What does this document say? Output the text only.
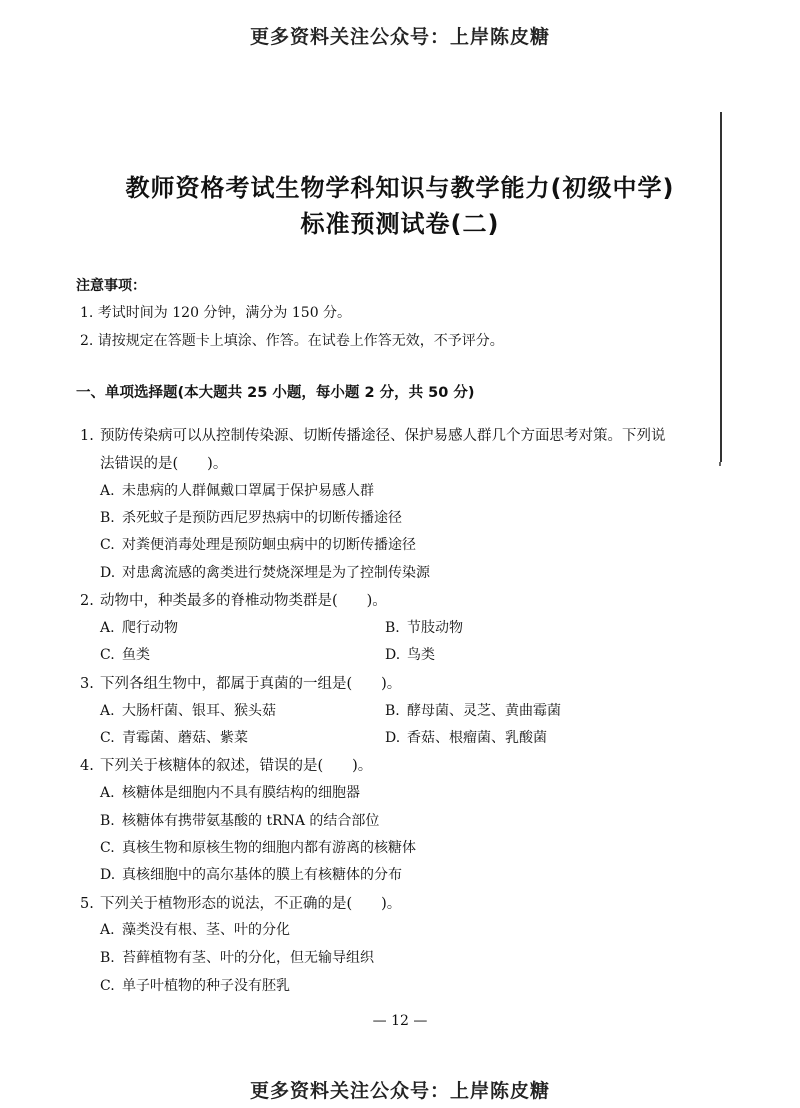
更多资料关注公众号：上岸陈皮糖
教师资格考试生物学科知识与教学能力(初级中学)
标准预测试卷(二)
注意事项：
1. 考试时间为 120 分钟，满分为 150 分。
2. 请按规定在答题卡上填涂、作答。在试卷上作答无效，不予评分。
一、单项选择题(本大题共 25 小题，每小题 2 分，共 50 分)
1. 预防传染病可以从控制传染源、切断传播途径、保护易感人群几个方面思考对策。下列说
法错误的是(　　)。
A. 未患病的人群佩戴口罩属于保护易感人群
B. 杀死蚊子是预防西尼罗热病中的切断传播途径
C. 对粪便消毒处理是预防蛔虫病中的切断传播途径
D. 对患禽流感的禽类进行焚烧深埋是为了控制传染源
2. 动物中，种类最多的脊椎动物类群是(　　)。
A. 爬行动物	B. 节肢动物
C. 鱼类	D. 鸟类
3. 下列各组生物中，都属于真菌的一组是(　　)。
A. 大肠杆菌、银耳、猴头菇	B. 酵母菌、灵芝、黄曲霉菌
C. 青霉菌、蘑菇、紫菜	D. 香菇、根瘤菌、乳酸菌
4. 下列关于核糖体的叙述，错误的是(　　)。
A. 核糖体是细胞内不具有膜结构的细胞器
B. 核糖体有携带氨基酸的 tRNA 的结合部位
C. 真核生物和原核生物的细胞内都有游离的核糖体
D. 真核细胞中的高尔基体的膜上有核糖体的分布
5. 下列关于植物形态的说法，不正确的是(　　)。
A. 藻类没有根、茎、叶的分化
B. 苔藓植物有茎、叶的分化，但无输导组织
C. 单子叶植物的种子没有胚乳
— 12 —
更多资料关注公众号：上岸陈皮糖
